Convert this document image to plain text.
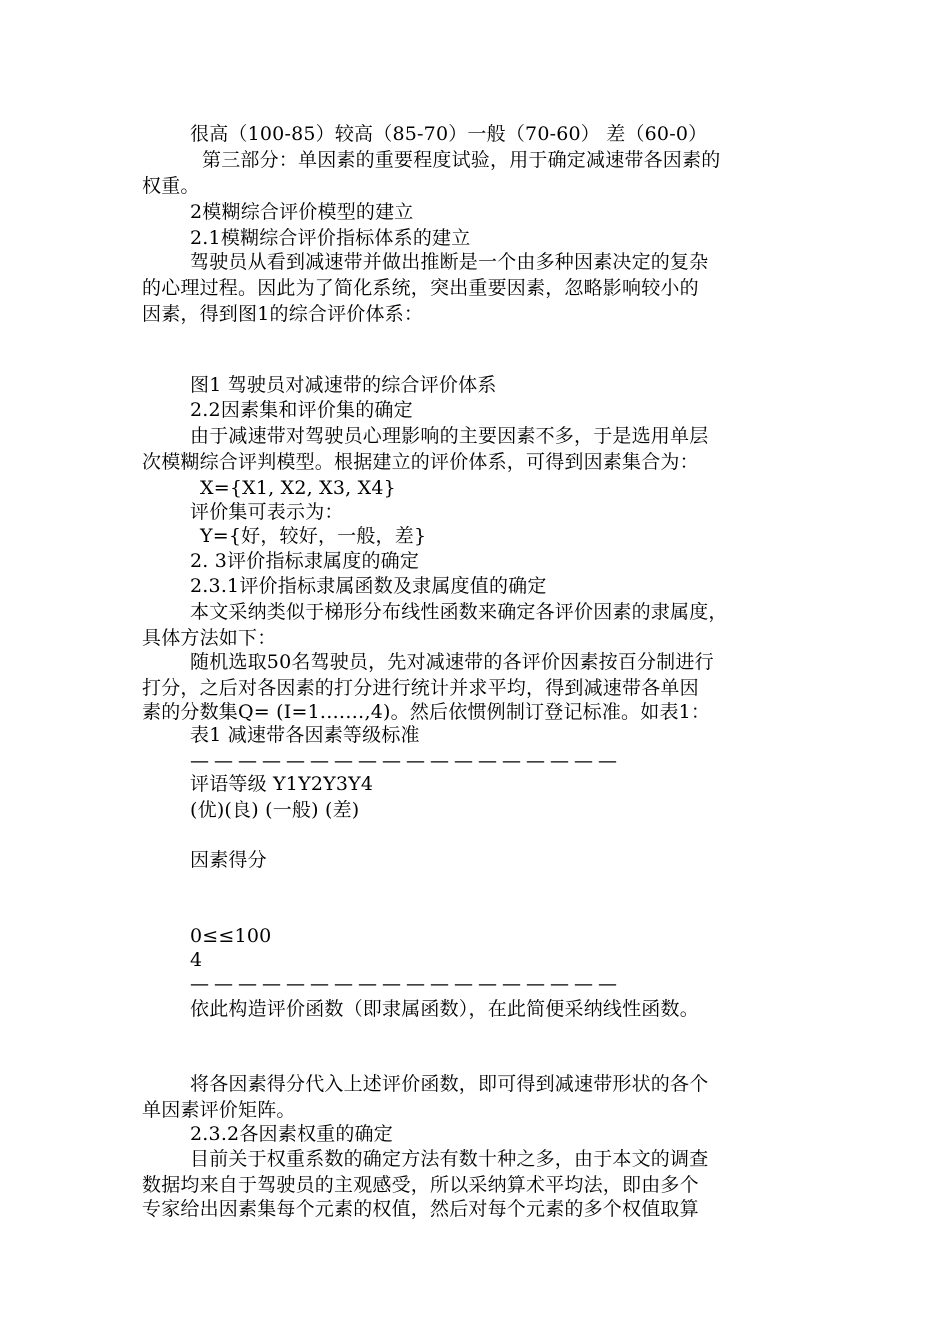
很高（100-85）较高（85-70）一般（70-60） 差（60-0）
第三部分：单因素的重要程度试验，用于确定减速带各因素的
权重。
2模糊综合评价模型的建立
2.1模糊综合评价指标体系的建立
驾驶员从看到减速带并做出推断是一个由多种因素决定的复杂
的心理过程。因此为了简化系统，突出重要因素，忽略影响较小的
因素，得到图1的综合评价体系：
图1 驾驶员对减速带的综合评价体系
2.2因素集和评价集的确定
由于减速带对驾驶员心理影响的主要因素不多，于是选用单层
次模糊综合评判模型。根据建立的评价体系，可得到因素集合为：
X={X1, X2, X3, X4}
评价集可表示为：
Y={好，较好，一般，差}
2. 3评价指标隶属度的确定
2.3.1评价指标隶属函数及隶属度值的确定
本文采纳类似于梯形分布线性函数来确定各评价因素的隶属度，
具体方法如下：
随机选取50名驾驶员，先对减速带的各评价因素按百分制进行
打分，之后对各因素的打分进行统计并求平均，得到减速带各单因
素的分数集Q= (I=1.……,4)。然后依惯例制订登记标准。如表1：
表1 减速带各因素等级标准
——————————————————
评语等级 Y1Y2Y3Y4
(优)(良) (一般) (差)
因素得分
0≤≤100
4
——————————————————
依此构造评价函数（即隶属函数），在此简便采纳线性函数。
将各因素得分代入上述评价函数，即可得到减速带形状的各个
单因素评价矩阵。
2.3.2各因素权重的确定
目前关于权重系数的确定方法有数十种之多，由于本文的调查
数据均来自于驾驶员的主观感受，所以采纳算术平均法，即由多个
专家给出因素集每个元素的权值，然后对每个元素的多个权值取算
